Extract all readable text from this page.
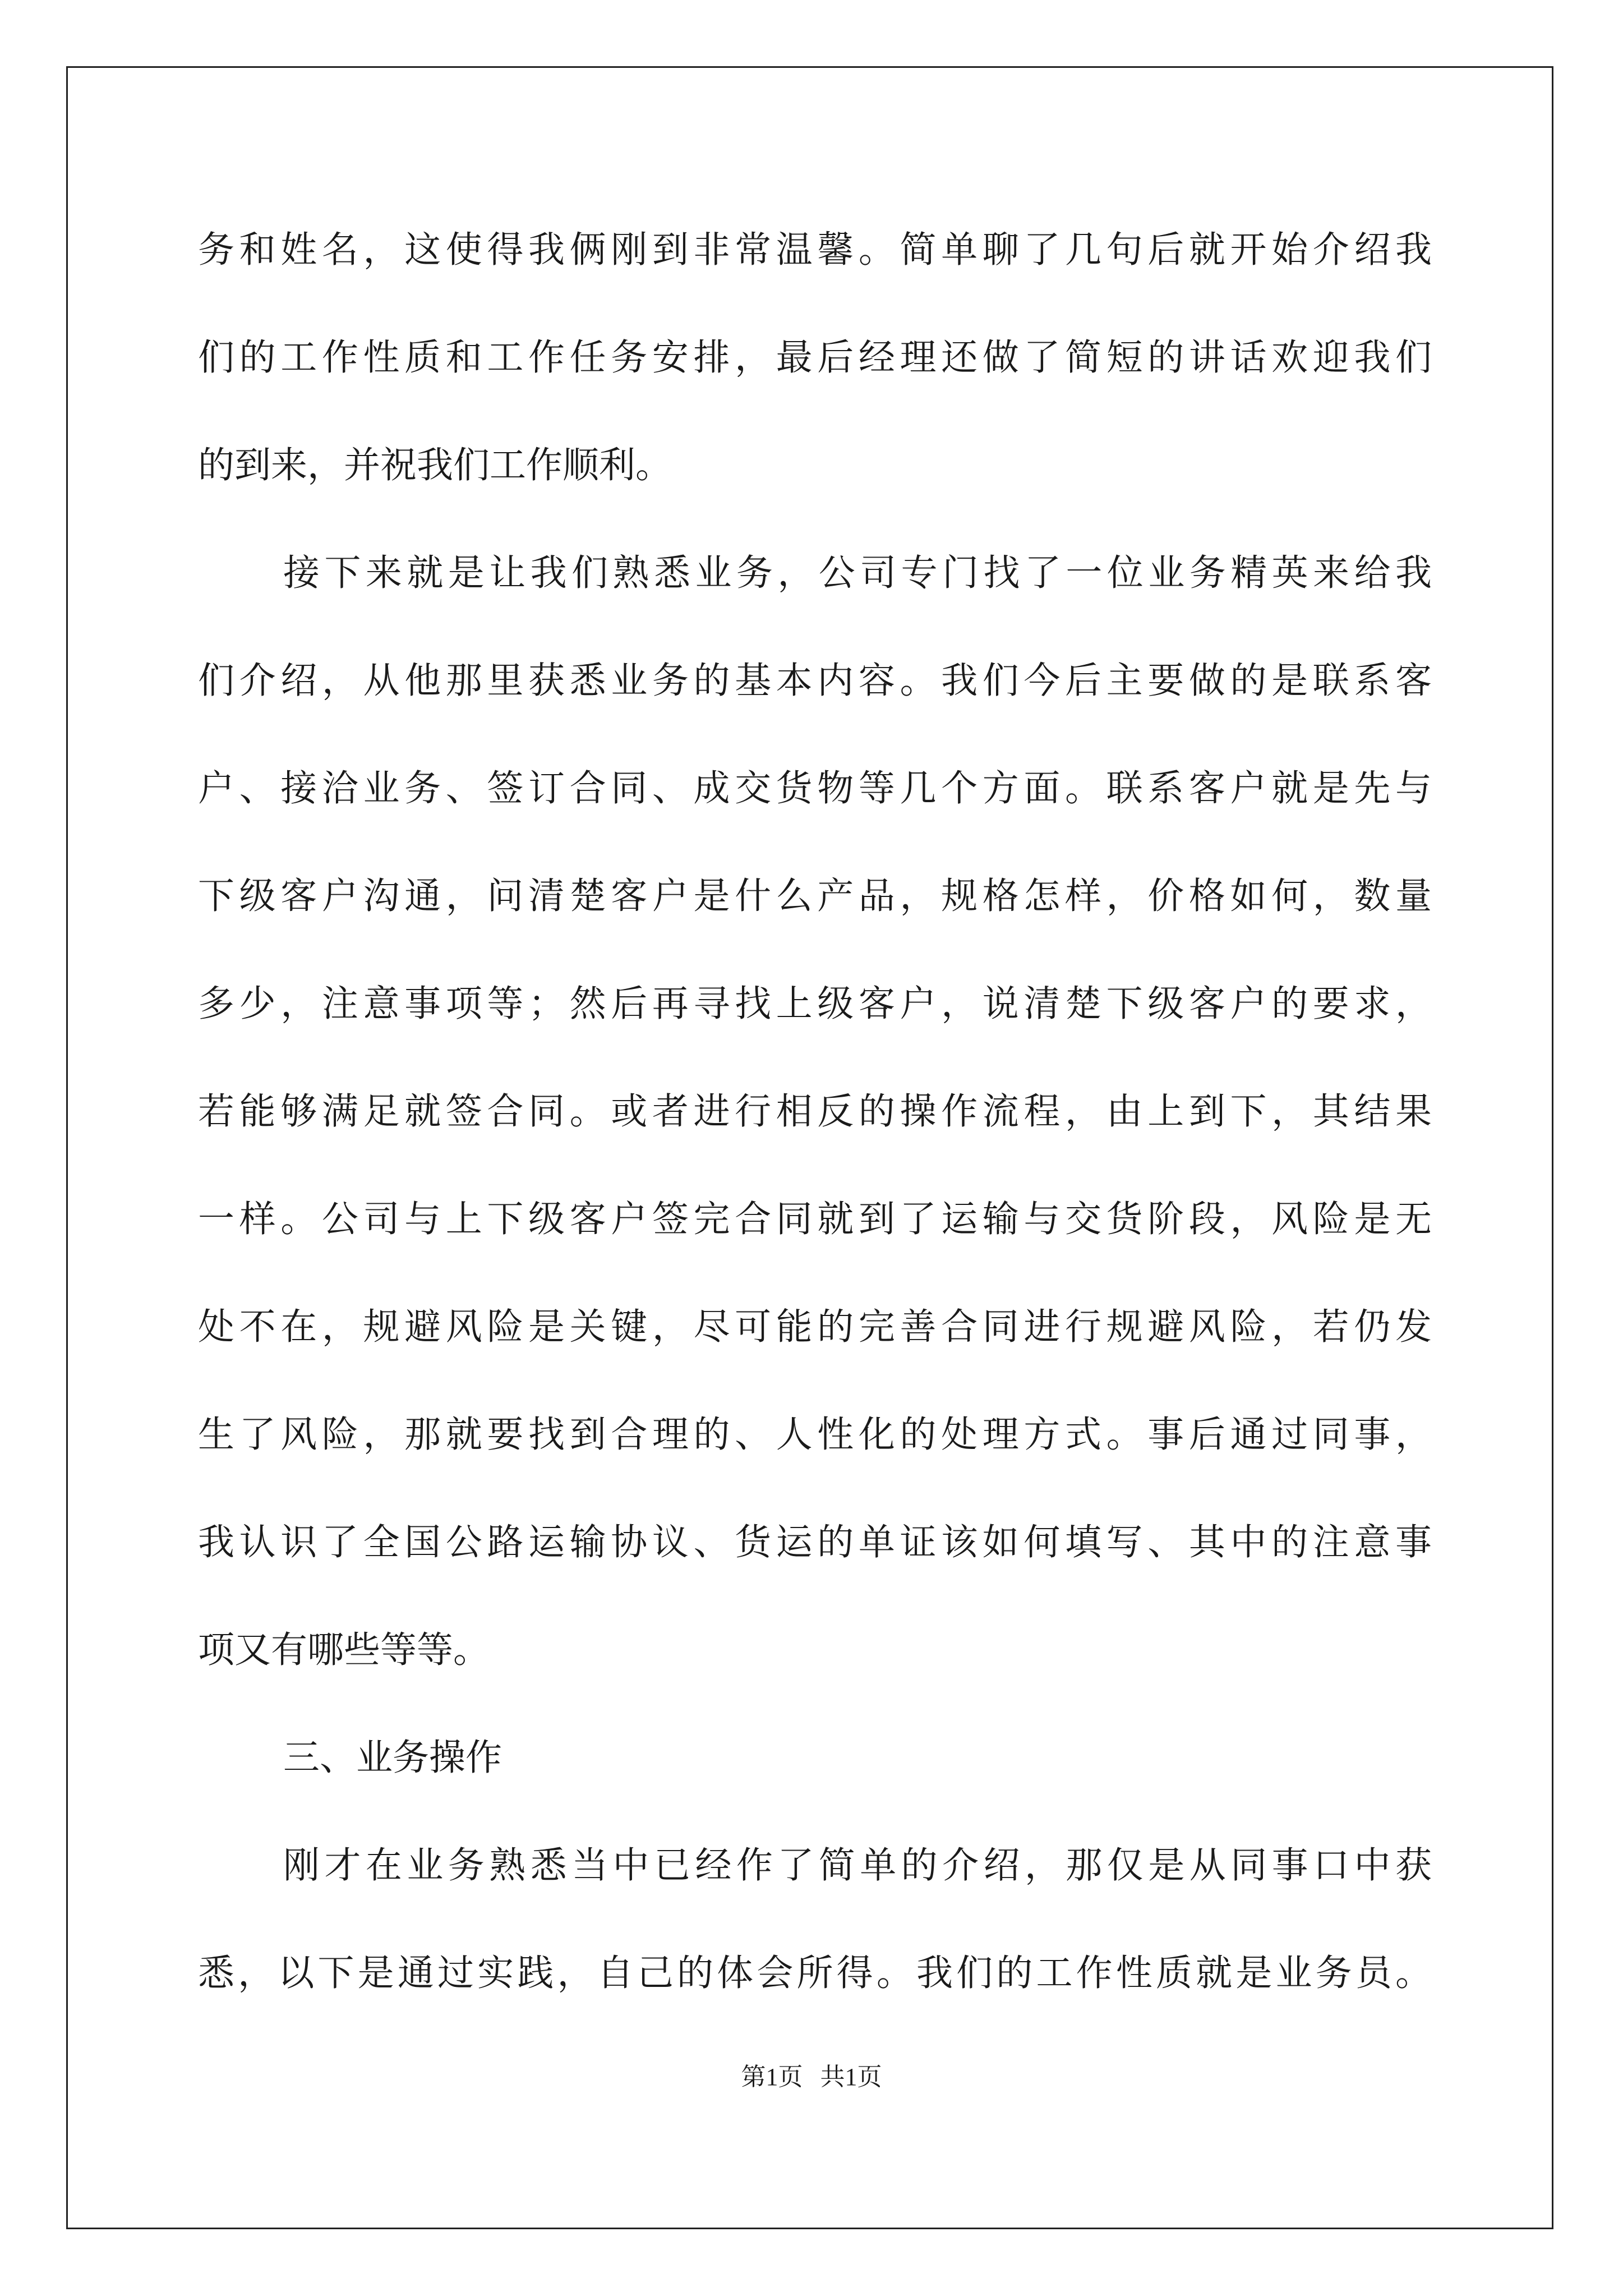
务和姓名，这使得我俩刚到非常温馨。简单聊了几句后就开始介绍我
们的工作性质和工作任务安排，最后经理还做了简短的讲话欢迎我们
的到来，并祝我们工作顺利。
接下来就是让我们熟悉业务，公司专门找了一位业务精英来给我
们介绍，从他那里获悉业务的基本内容。我们今后主要做的是联系客
户、接洽业务、签订合同、成交货物等几个方面。联系客户就是先与
下级客户沟通，问清楚客户是什么产品，规格怎样，价格如何，数量
多少，注意事项等；然后再寻找上级客户，说清楚下级客户的要求，
若能够满足就签合同。或者进行相反的操作流程，由上到下，其结果
一样。公司与上下级客户签完合同就到了运输与交货阶段，风险是无
处不在，规避风险是关键，尽可能的完善合同进行规避风险，若仍发
生了风险，那就要找到合理的、人性化的处理方式。事后通过同事，
我认识了全国公路运输协议、货运的单证该如何填写、其中的注意事
项又有哪些等等。
三、业务操作
刚才在业务熟悉当中已经作了简单的介绍，那仅是从同事口中获
悉，以下是通过实践，自己的体会所得。我们的工作性质就是业务员。
第1页 共1页
